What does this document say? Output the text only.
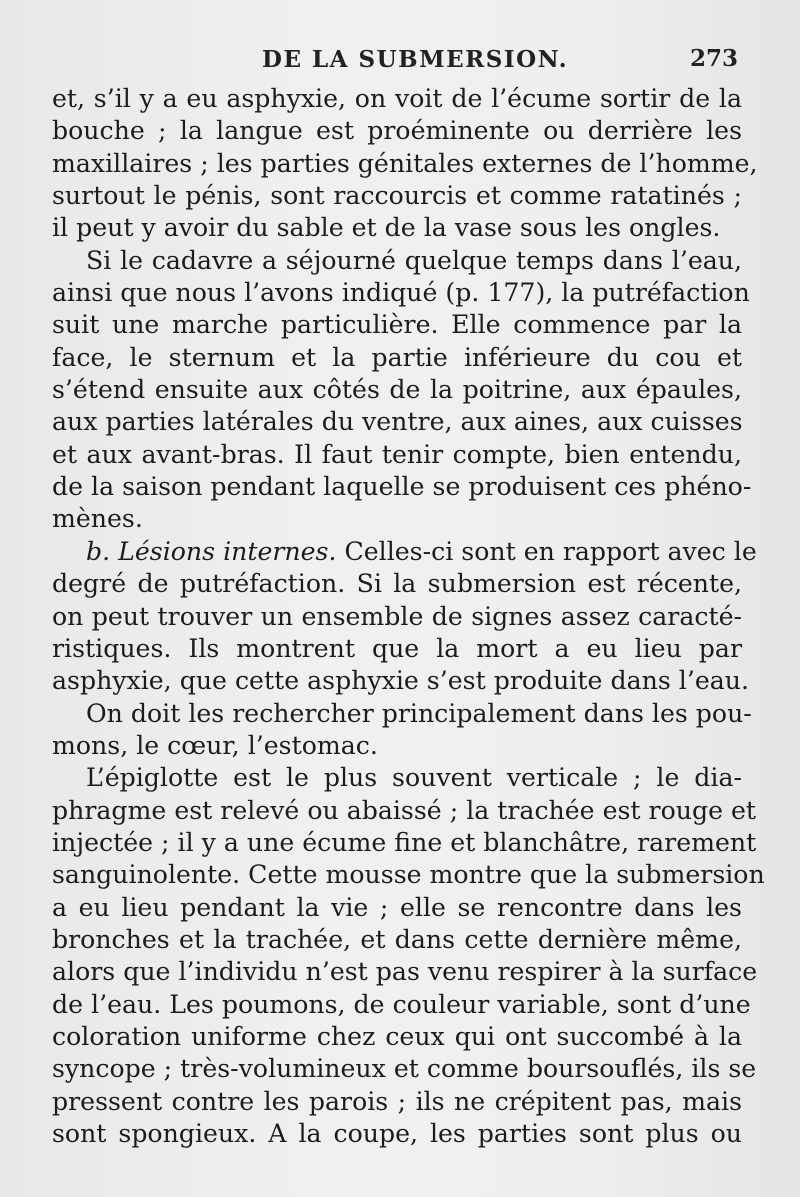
DE LA SUBMERSION.	273

et, s’il y a eu asphyxie, on voit de l’écume sortir de la
bouche ; la langue est proéminente ou derrière les
maxillaires ; les parties génitales externes de l’homme,
surtout le pénis, sont raccourcis et comme ratatinés ;
il peut y avoir du sable et de la vase sous les ongles.

Si le cadavre a séjourné quelque temps dans l’eau,
ainsi que nous l’avons indiqué (p. 177), la putréfaction
suit une marche particulière. Elle commence par la
face, le sternum et la partie inférieure du cou et
s’étend ensuite aux côtés de la poitrine, aux épaules,
aux parties latérales du ventre, aux aines, aux cuisses
et aux avant-bras. Il faut tenir compte, bien entendu,
de la saison pendant laquelle se produisent ces phéno-
mènes.

b. Lésions internes. Celles-ci sont en rapport avec le
degré de putréfaction. Si la submersion est récente,
on peut trouver un ensemble de signes assez caracté-
ristiques. Ils montrent que la mort a eu lieu par
asphyxie, que cette asphyxie s’est produite dans l’eau.

On doit les rechercher principalement dans les pou-
mons, le cœur, l’estomac.

L’épiglotte est le plus souvent verticale ; le dia-
phragme est relevé ou abaissé ; la trachée est rouge et
injectée ; il y a une écume fine et blanchâtre, rarement
sanguinolente. Cette mousse montre que la submersion
a eu lieu pendant la vie ; elle se rencontre dans les
bronches et la trachée, et dans cette dernière même,
alors que l’individu n’est pas venu respirer à la surface
de l’eau. Les poumons, de couleur variable, sont d’une
coloration uniforme chez ceux qui ont succombé à la
syncope ; très-volumineux et comme boursouflés, ils se
pressent contre les parois ; ils ne crépitent pas, mais
sont spongieux. A la coupe, les parties sont plus ou
